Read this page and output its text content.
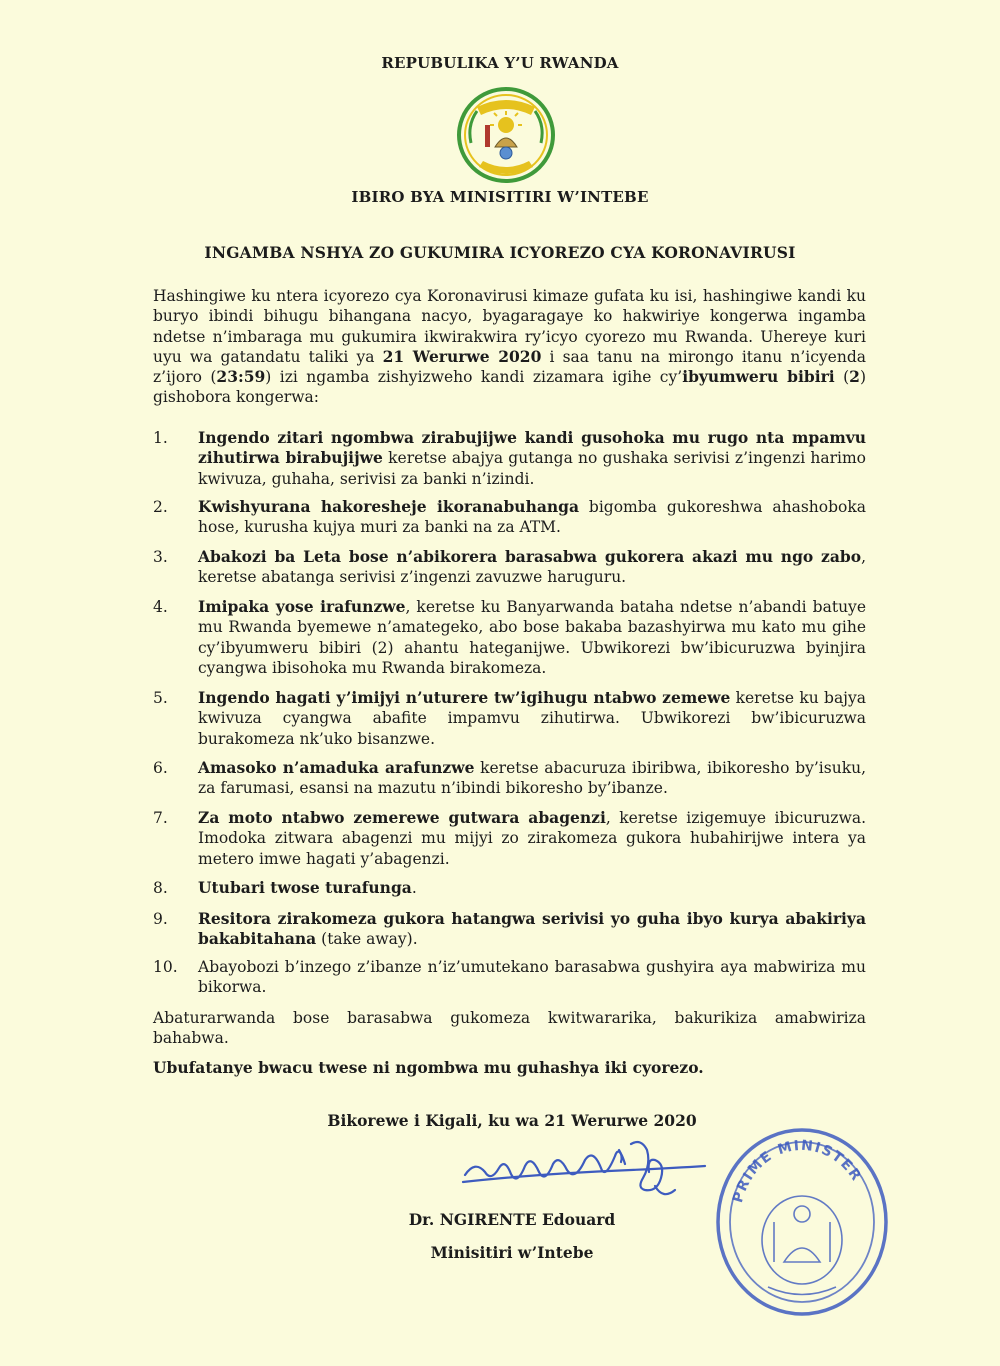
REPUBULIKA Y’U RWANDA
IBIRO BYA MINISITIRI W’INTEBE
INGAMBA NSHYA ZO GUKUMIRA ICYOREZO CYA KORONAVIRUSI
Hashingiwe ku ntera icyorezo cya Koronavirusi kimaze gufata ku isi, hashingiwe kandi ku buryo ibindi bihugu bihangana nacyo, byagaragaye ko hakwiriye kongerwa ingamba ndetse n’imbaraga mu gukumira ikwirakwira ry’icyo cyorezo mu Rwanda. Uhereye kuri uyu wa gatandatu taliki ya 21 Werurwe 2020 i saa tanu na mirongo itanu n’icyenda z’ijoro (23:59) izi ngamba zishyizweho kandi zizamara igihe cy’ibyumweru bibiri (2) gishobora kongerwa:
1. Ingendo zitari ngombwa zirabujijwe kandi gusohoka mu rugo nta mpamvu zihutirwa birabujijwe keretse abajya gutanga no gushaka serivisi z’ingenzi harimo kwivuza, guhaha, serivisi za banki n’izindi.
2. Kwishyurana hakoresheje ikoranabuhanga bigomba gukoreshwa ahashoboka hose, kurusha kujya muri za banki na za ATM.
3. Abakozi ba Leta bose n’abikorera barasabwa gukorera akazi mu ngo zabo, keretse abatanga serivisi z’ingenzi zavuzwe haruguru.
4. Imipaka yose irafunzwe, keretse ku Banyarwanda bataha ndetse n’abandi batuye mu Rwanda byemewe n’amategeko, abo bose bakaba bazashyirwa mu kato mu gihe cy’ibyumweru bibiri (2) ahantu hateganijwe. Ubwikorezi bw’ibicuruzwa byinjira cyangwa ibisohoka mu Rwanda birakomeza.
5. Ingendo hagati y’imijyi n’uturere tw’igihugu ntabwo zemewe keretse ku bajya kwivuza cyangwa abafite impamvu zihutirwa. Ubwikorezi bw’ibicuruzwa burakomeza nk’uko bisanzwe.
6. Amasoko n’amaduka arafunzwe keretse abacuruza ibiribwa, ibikoresho by’isuku, za farumasi, esansi na mazutu n’ibindi bikoresho by’ibanze.
7. Za moto ntabwo zemerewe gutwara abagenzi, keretse izigemuye ibicuruzwa. Imodoka zitwara abagenzi mu mijyi zo zirakomeza gukora hubahirijwe intera ya metero imwe hagati y’abagenzi.
8. Utubari twose turafunga.
9. Resitora zirakomeza gukora hatangwa serivisi yo guha ibyo kurya abakiriya bakabitahana (take away).
10. Abayobozi b’inzego z’ibanze n’iz’umutekano barasabwa gushyira aya mabwiriza mu bikorwa.
Abaturarwanda bose barasabwa gukomeza kwitwararika, bakurikiza amabwiriza bahabwa.
Ubufatanye bwacu twese ni ngombwa mu guhashya iki cyorezo.
Bikorewe i Kigali, ku wa 21 Werurwe 2020
PRIME MINISTER
Dr. NGIRENTE Edouard
Minisitiri w’Intebe
